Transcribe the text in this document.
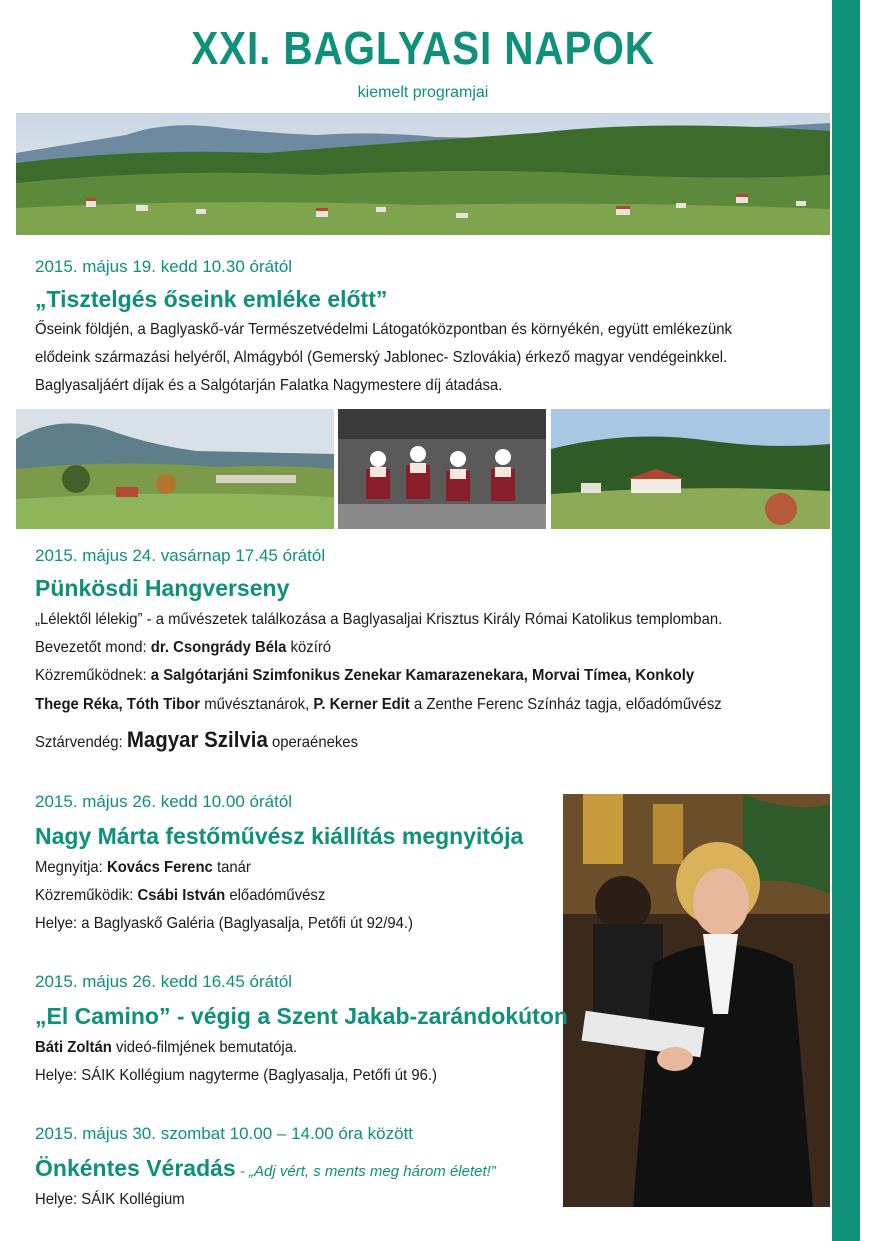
XXI. BAGLYASI NAPOK
kiemelt programjai
2015. május 19. kedd 10.30 órától
„Tisztelgés őseink emléke előtt”
Őseink földjén, a Baglyaskő-vár Természetvédelmi Látogatóközpontban és környékén, együtt emlékezünk
elődeink származási helyéről, Almágyból (Gemerský Jablonec- Szlovákia) érkező magyar vendégeinkkel.
Baglyasaljáért díjak és a Salgótarján Falatka Nagymestere díj átadása.
2015. május 24. vasárnap 17.45 órától
Pünkösdi Hangverseny
„Lélektől lélekig” - a művészetek találkozása a Baglyasaljai Krisztus Király Római Katolikus templomban.
Bevezetőt mond: dr. Csongrády Béla közíró
Közreműködnek: a Salgótarjáni Szimfonikus Zenekar Kamarazenekara, Morvai Tímea, Konkoly
Thege Réka, Tóth Tibor művésztanárok, P. Kerner Edit a Zenthe Ferenc Színház tagja, előadóművész
Sztárvendég: Magyar Szilvia operaénekes
2015. május 26. kedd 10.00 órától
Nagy Márta festőművész kiállítás megnyitója
Megnyitja: Kovács Ferenc tanár
Közreműködik: Csábi István előadóművész
Helye: a Baglyaskő Galéria (Baglyasalja, Petőfi út 92/94.)
2015. május 26. kedd 16.45 órától
„El Camino” - végig a Szent Jakab-zarándokúton
Báti Zoltán videó-filmjének bemutatója.
Helye: SÁIK Kollégium nagyterme (Baglyasalja, Petőfi út 96.)
2015. május 30. szombat 10.00 – 14.00 óra között
Önkéntes Véradás - „Adj vért, s ments meg három életet!”
Helye: SÁIK Kollégium
